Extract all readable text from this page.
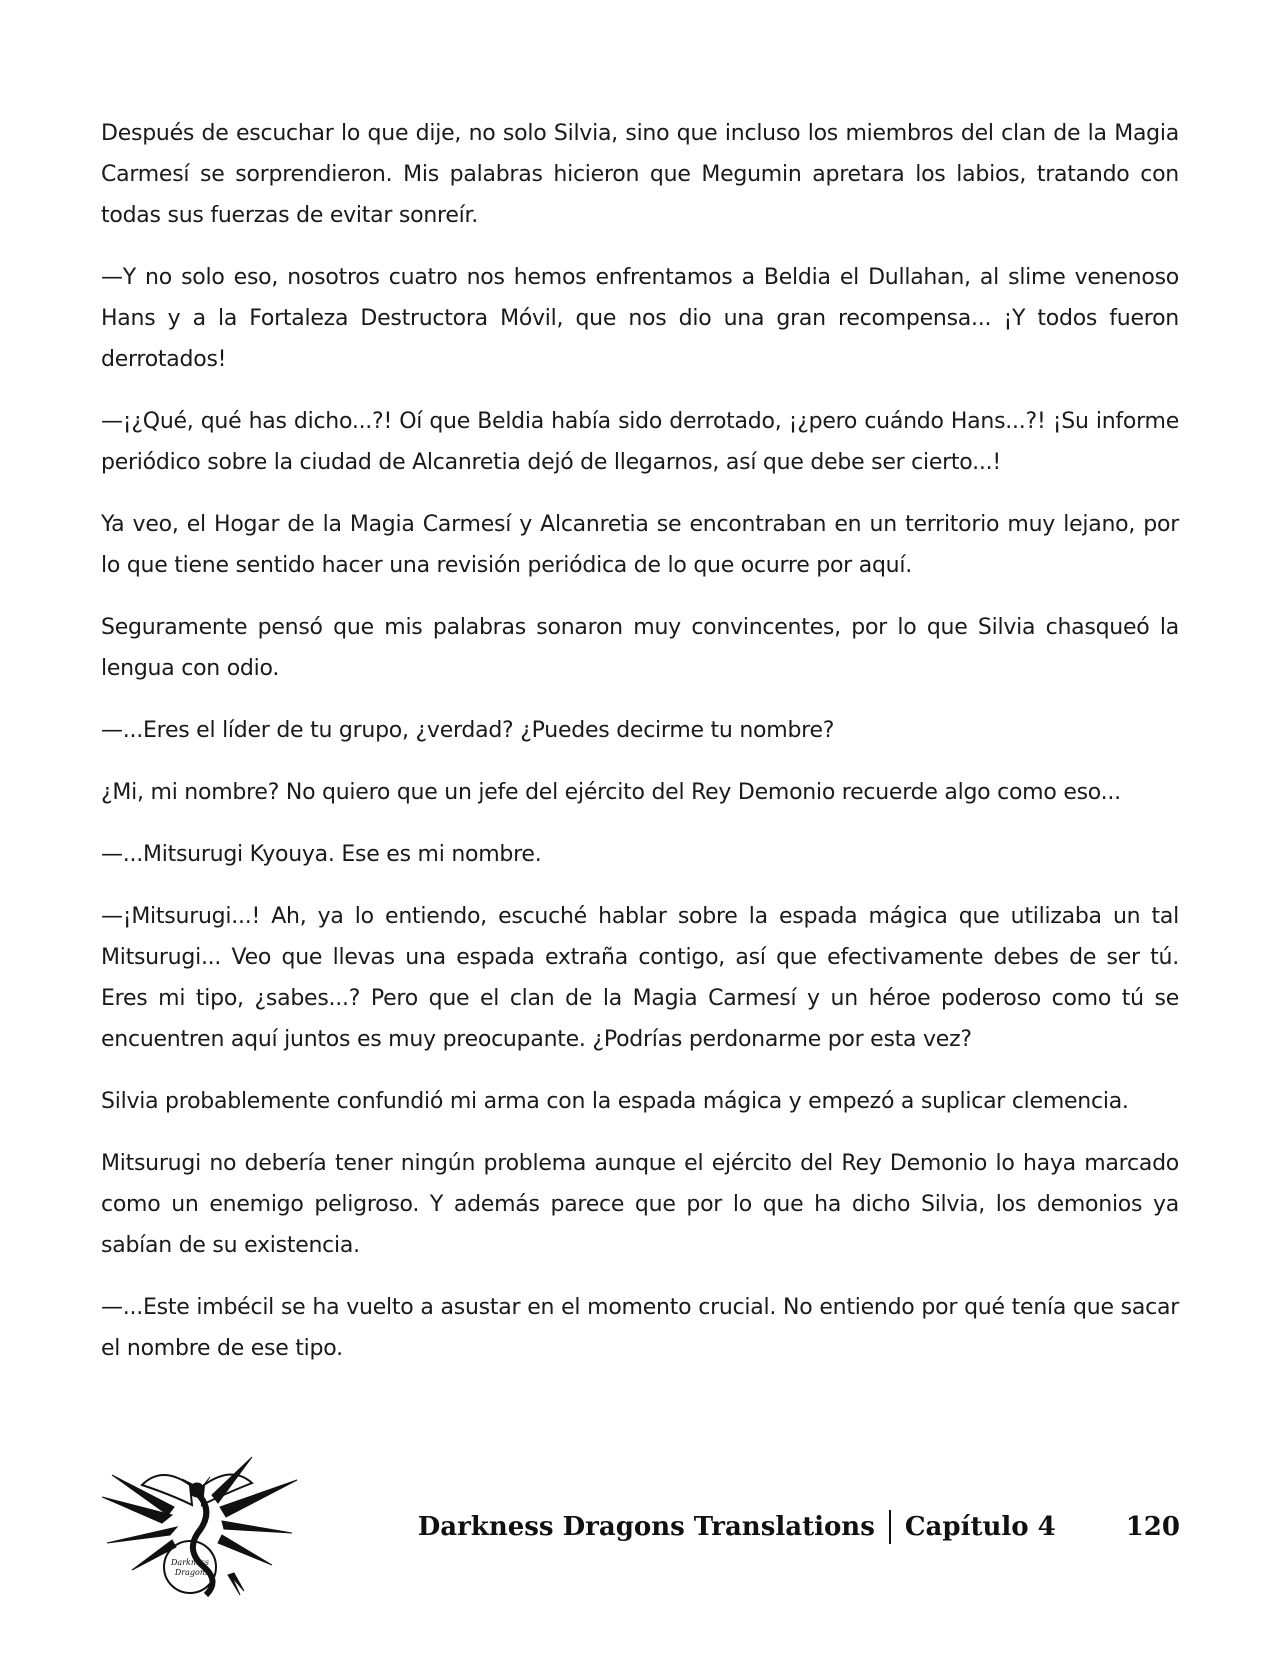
Después de escuchar lo que dije, no solo Silvia, sino que incluso los miembros del clan de la Magia Carmesí se sorprendieron. Mis palabras hicieron que Megumin apretara los labios, tratando con todas sus fuerzas de evitar sonreír.

—Y no solo eso, nosotros cuatro nos hemos enfrentamos a Beldia el Dullahan, al slime venenoso Hans y a la Fortaleza Destructora Móvil, que nos dio una gran recompensa... ¡Y todos fueron derrotados!

—¡¿Qué, qué has dicho...?! Oí que Beldia había sido derrotado, ¡¿pero cuándo Hans...?! ¡Su informe periódico sobre la ciudad de Alcanretia dejó de llegarnos, así que debe ser cierto...!

Ya veo, el Hogar de la Magia Carmesí y Alcanretia se encontraban en un territorio muy lejano, por lo que tiene sentido hacer una revisión periódica de lo que ocurre por aquí.

Seguramente pensó que mis palabras sonaron muy convincentes, por lo que Silvia chasqueó la lengua con odio.

—...Eres el líder de tu grupo, ¿verdad? ¿Puedes decirme tu nombre?

¿Mi, mi nombre? No quiero que un jefe del ejército del Rey Demonio recuerde algo como eso...

—...Mitsurugi Kyouya. Ese es mi nombre.

—¡Mitsurugi...! Ah, ya lo entiendo, escuché hablar sobre la espada mágica que utilizaba un tal Mitsurugi... Veo que llevas una espada extraña contigo, así que efectivamente debes de ser tú. Eres mi tipo, ¿sabes...? Pero que el clan de la Magia Carmesí y un héroe poderoso como tú se encuentren aquí juntos es muy preocupante. ¿Podrías perdonarme por esta vez?

Silvia probablemente confundió mi arma con la espada mágica y empezó a suplicar clemencia.

Mitsurugi no debería tener ningún problema aunque el ejército del Rey Demonio lo haya marcado como un enemigo peligroso. Y además parece que por lo que ha dicho Silvia, los demonios ya sabían de su existencia.

—...Este imbécil se ha vuelto a asustar en el momento crucial. No entiendo por qué tenía que sacar el nombre de ese tipo.

Darkness
Dragons
Darkness Dragons Translations Capítulo 4	120
